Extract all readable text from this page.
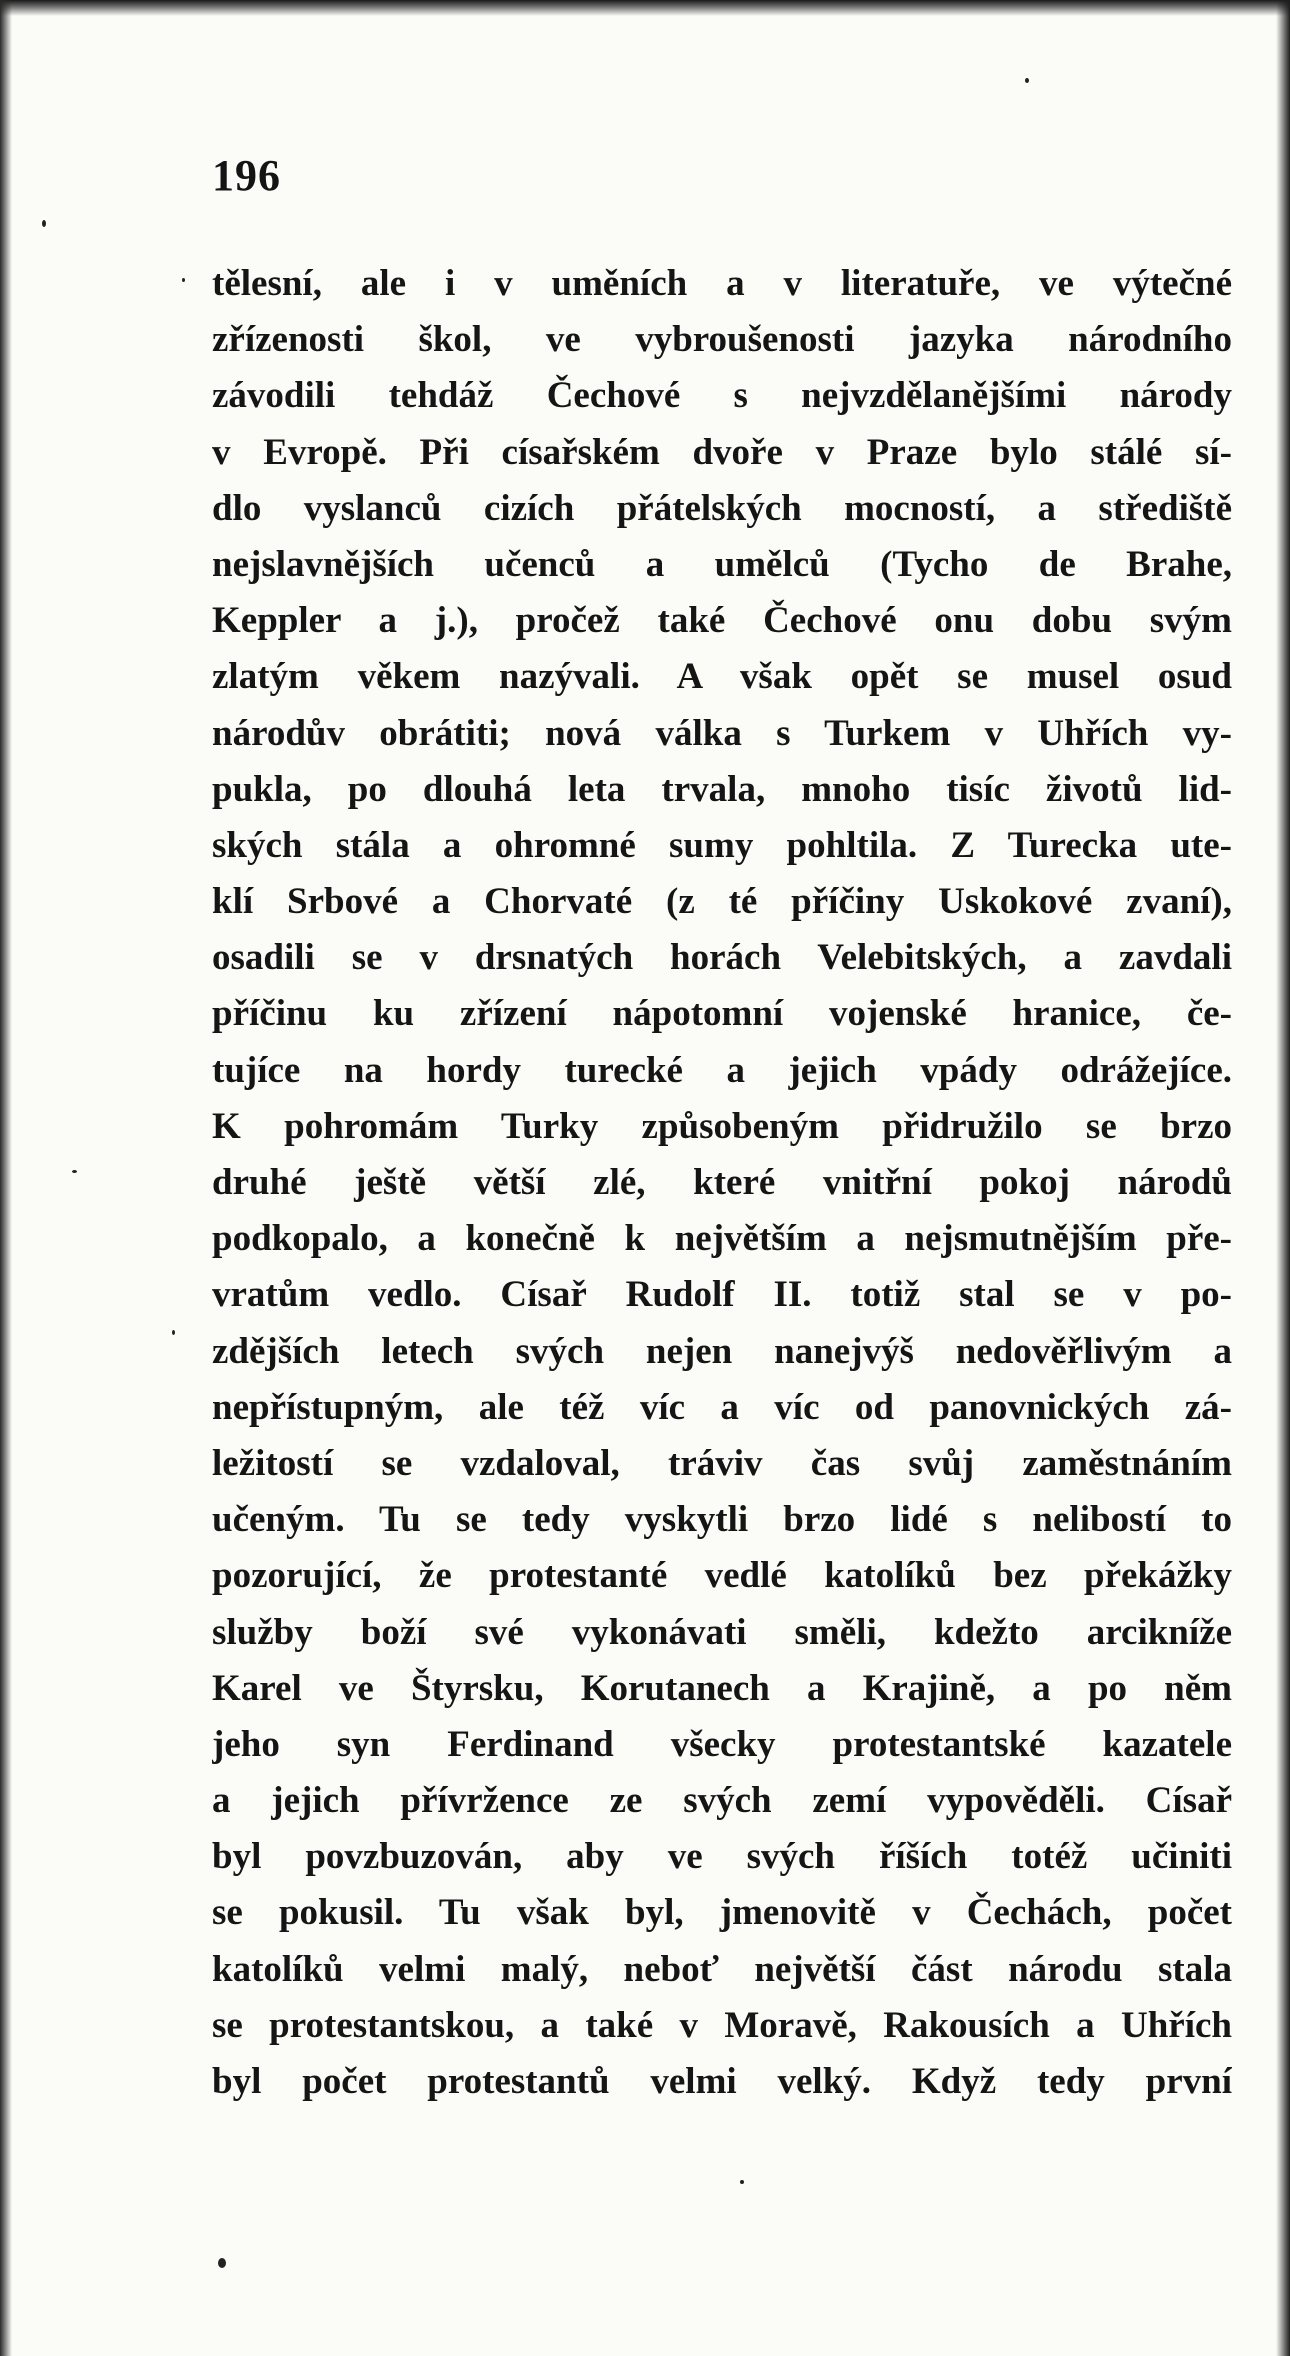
196
tělesní, ale i v uměních a v literatuře, ve výtečné
zřízenosti škol, ve vybroušenosti jazyka národního
závodili tehdáž Čechové s nejvzdělanějšími národy
v Evropě. Při císařském dvoře v Praze bylo stálé sí-
dlo vyslanců cizích přátelských mocností, a střediště
nejslavnějších učenců a umělců (Tycho de Brahe,
Keppler a j.), pročež také Čechové onu dobu svým
zlatým věkem nazývali. A však opět se musel osud
národův obrátiti; nová válka s Turkem v Uhřích vy-
pukla, po dlouhá leta trvala, mnoho tisíc životů lid-
ských stála a ohromné sumy pohltila. Z Turecka ute-
klí Srbové a Chorvaté (z té příčiny Uskokové zvaní),
osadili se v drsnatých horách Velebitských, a zavdali
příčinu ku zřízení nápotomní vojenské hranice, če-
tujíce na hordy turecké a jejich vpády odrážejíce.
K pohromám Turky způsobeným přidružilo se brzo
druhé ještě větší zlé, které vnitřní pokoj národů
podkopalo, a konečně k největším a nejsmutnějším pře-
vratům vedlo. Císař Rudolf II. totiž stal se v po-
zdějších letech svých nejen nanejvýš nedověřlivým a
nepřístupným, ale též víc a víc od panovnických zá-
ležitostí se vzdaloval, tráviv čas svůj zaměstnáním
učeným. Tu se tedy vyskytli brzo lidé s nelibostí to
pozorující, že protestanté vedlé katolíků bez překážky
služby boží své vykonávati směli, kdežto arcikníže
Karel ve Štyrsku, Korutanech a Krajině, a po něm
jeho syn Ferdinand všecky protestantské kazatele
a jejich přívržence ze svých zemí vypověděli. Císař
byl povzbuzován, aby ve svých říších totéž učiniti
se pokusil. Tu však byl, jmenovitě v Čechách, počet
katolíků velmi malý, neboť největší část národu stala
se protestantskou, a také v Moravě, Rakousích a Uhřích
byl počet protestantů velmi velký. Když tedy první
